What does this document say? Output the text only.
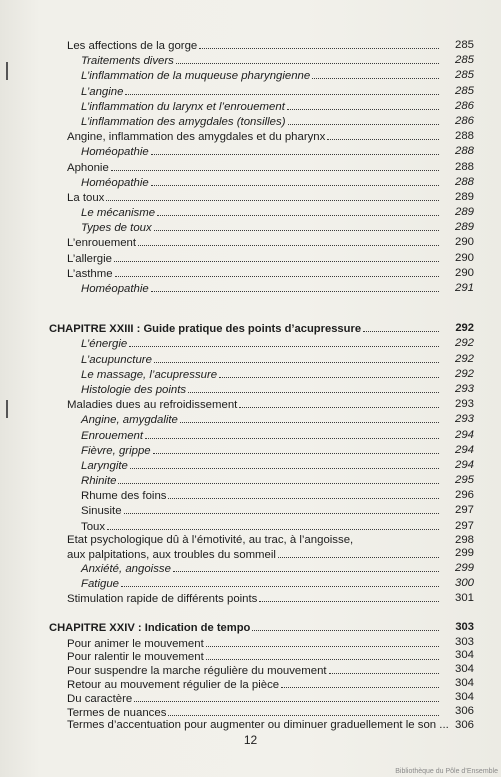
Les affections de la gorge	285
Traitements divers	285
L’inflammation de la muqueuse pharyngienne	285
L’angine	285
L’inflammation du larynx et l’enrouement	286
L’inflammation des amygdales (tonsilles)	286
Angine, inflammation des amygdales et du pharynx	288
Homéopathie	288
Aphonie	288
Homéopathie	288
La toux	289
Le mécanisme	289
Types de toux	289
L’enrouement	290
L’allergie	290
L’asthme	290
Homéopathie	291
CHAPITRE XXIII : Guide pratique des points d’acupressure	292
L’énergie	292
L’acupuncture	292
Le massage, l’acupressure	292
Histologie des points	293
Maladies dues au refroidissement	293
Angine, amygdalite	293
Enrouement	294
Fièvre, grippe	294
Laryngite	294
Rhinite	295
Rhume des foins	296
Sinusite	297
Toux	297
Etat psychologique dû à l’émotivité, au trac, à l’angoisse,	298
aux palpitations, aux troubles du sommeil	299
Anxiété, angoisse	299
Fatigue	300
Stimulation rapide de différents points	301
CHAPITRE XXIV : Indication de tempo	303
Pour animer le mouvement	303
Pour ralentir le mouvement	304
Pour suspendre la marche régulière du mouvement	304
Retour au mouvement régulier de la pièce	304
Du caractère	304
Termes de nuances	306
Termes d’accentuation pour augmenter ou diminuer graduellement le son ... 306
12
Bibliothèque du Pôle d’Ensemble
